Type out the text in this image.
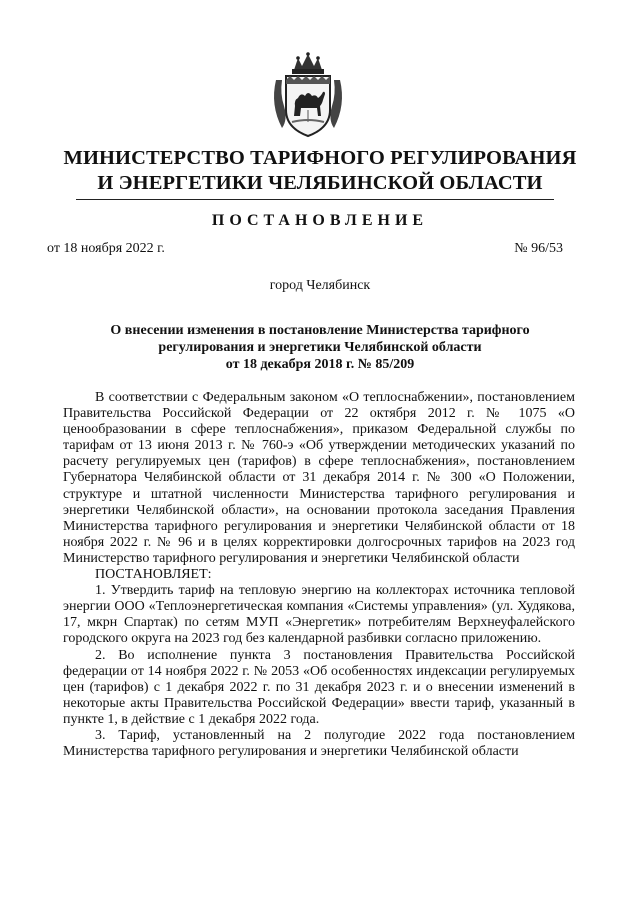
МИНИСТЕРСТВО ТАРИФНОГО РЕГУЛИРОВАНИЯ
И ЭНЕРГЕТИКИ ЧЕЛЯБИНСКОЙ ОБЛАСТИ
ПОСТАНОВЛЕНИЕ
от 18 ноября 2022 г.	№ 96/53
город Челябинск
О внесении изменения в постановление Министерства тарифного
регулирования и энергетики Челябинской области
от 18 декабря 2018 г. № 85/209

В соответствии с Федеральным законом «О теплоснабжении», постановлением Правительства Российской Федерации от 22 октября 2012 г. № 1075 «О ценообразовании в сфере теплоснабжения», приказом Федеральной службы по тарифам от 13 июня 2013 г. № 760-э «Об утверждении методических указаний по расчету регулируемых цен (тарифов) в сфере теплоснабжения», постановлением Губернатора Челябинской области от 31 декабря 2014 г. № 300 «О Положении, структуре и штатной численности Министерства тарифного регулирования и энергетики Челябинской области», на основании протокола заседания Правления Министерства тарифного регулирования и энергетики Челябинской области от 18 ноября 2022 г. № 96 и в целях корректировки долгосрочных тарифов на 2023 год Министерство тарифного регулирования и энергетики Челябинской области

ПОСТАНОВЛЯЕТ:

1. Утвердить тариф на тепловую энергию на коллекторах источника тепловой энергии ООО «Теплоэнергетическая компания «Системы управления» (ул. Худякова, 17, мкрн Спартак) по сетям МУП «Энергетик» потребителям Верхнеуфалейского городского округа на 2023 год без календарной разбивки согласно приложению.

2. Во исполнение пункта 3 постановления Правительства Российской федерации от 14 ноября 2022 г. № 2053 «Об особенностях индексации регулируемых цен (тарифов) с 1 декабря 2022 г. по 31 декабря 2023 г. и о внесении изменений в некоторые акты Правительства Российской Федерации» ввести тариф, указанный в пункте 1, в действие с 1 декабря 2022 года.

3. Тариф, установленный на 2 полугодие 2022 года постановлением Министерства тарифного регулирования и энергетики Челябинской области
